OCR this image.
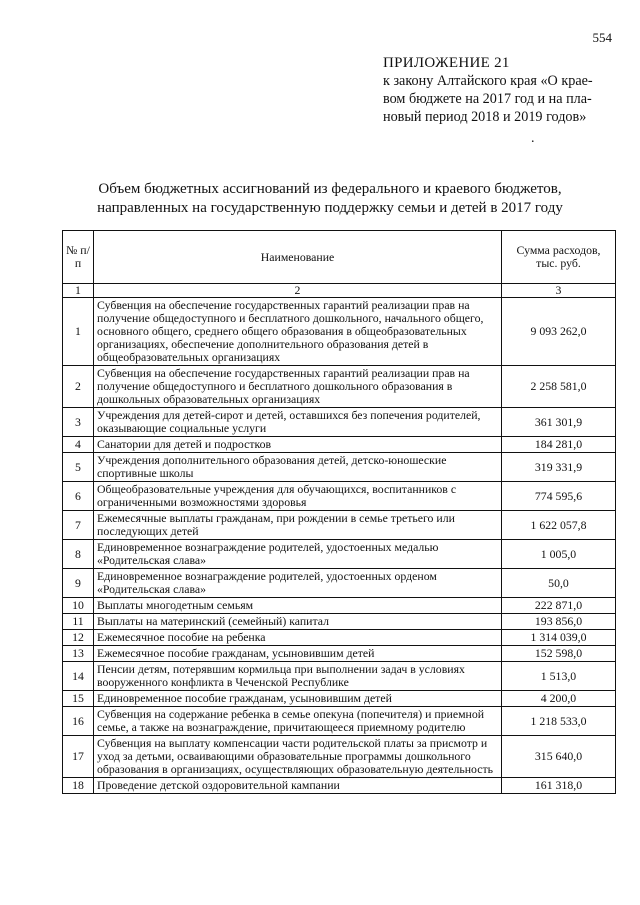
554
ПРИЛОЖЕНИЕ 21
к закону Алтайского края «О крае-
вом бюджете на 2017 год и на пла-
новый период 2018 и 2019 годов»
.
Объем бюджетных ассигнований из федерального и краевого бюджетов, направленных на государственную поддержку семьи и детей в 2017 году
№ п/п	Наименование	Сумма расходов, тыс. руб.
1	2	3
1	Субвенция на обеспечение государственных гарантий реализации прав на получение общедоступного и бесплатного дошкольного, начального общего, основного общего, среднего общего образования в общеобразовательных организациях, обеспечение дополнительного образования детей в общеобразовательных организациях	9 093 262,0
2	Субвенция на обеспечение государственных гарантий реализации прав на получение общедоступного и бесплатного дошкольного образования в дошкольных образовательных организациях	2 258 581,0
3	Учреждения для детей-сирот и детей, оставшихся без попечения родителей, оказывающие социальные услуги	361 301,9
4	Санатории для детей и подростков	184 281,0
5	Учреждения дополнительного образования детей, детско-юношеские спортивные школы	319 331,9
6	Общеобразовательные учреждения для обучающихся, воспитанников с ограниченными возможностями здоровья	774 595,6
7	Ежемесячные выплаты гражданам, при рождении в семье третьего или последующих детей	1 622 057,8
8	Единовременное вознаграждение родителей, удостоенных медалью «Родительская слава»	1 005,0
9	Единовременное вознаграждение родителей, удостоенных орденом «Родительская слава»	50,0
10	Выплаты многодетным семьям	222 871,0
11	Выплаты на материнский (семейный) капитал	193 856,0
12	Ежемесячное пособие на ребенка	1 314 039,0
13	Ежемесячное пособие гражданам, усыновившим детей	152 598,0
14	Пенсии детям, потерявшим кормильца при выполнении задач в условиях вооруженного конфликта в Чеченской Республике	1 513,0
15	Единовременное пособие гражданам, усыновившим детей	4 200,0
16	Субвенция на содержание ребенка в семье опекуна (попечителя) и приемной семье, а также на вознаграждение, причитающееся приемному родителю	1 218 533,0
17	Субвенция на выплату компенсации части родительской платы за присмотр и уход за детьми, осваивающими образовательные программы дошкольного образования в организациях, осуществляющих образовательную деятельность	315 640,0
18	Проведение детской оздоровительной кампании	161 318,0
